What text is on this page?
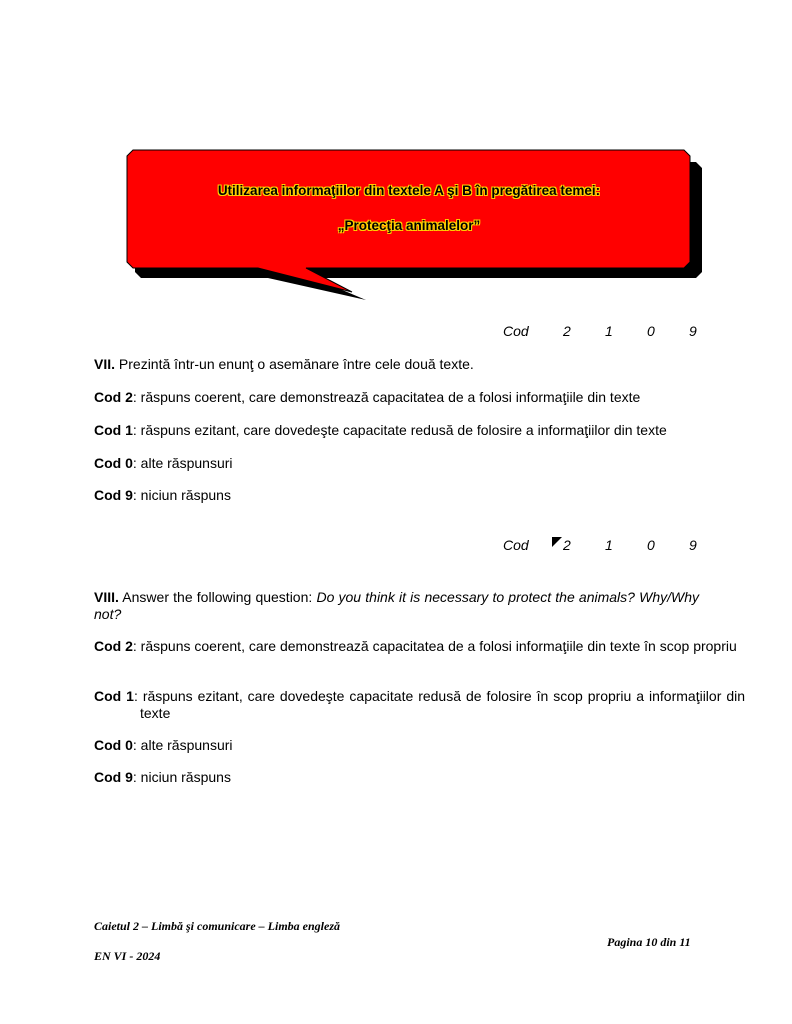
Utilizarea informaţiilor din textele A şi B în pregătirea temei:
„Protecţia animalelor”
Cod 2 1 0 9
VII. Prezintă într-un enunţ o asemănare între cele două texte.
Cod 2: răspuns coerent, care demonstrează capacitatea de a folosi informaţiile din texte
Cod 1: răspuns ezitant, care dovedeşte capacitate redusă de folosire a informaţiilor din texte
Cod 0: alte răspunsuri
Cod 9: niciun răspuns
Cod 2 1 0 9
VIII. Answer the following question: Do you think it is necessary to protect the animals? Why/Why not?
Cod 2: răspuns coerent, care demonstrează capacitatea de a folosi informaţiile din texte în scop propriu
Cod 1: răspuns ezitant, care dovedeşte capacitate redusă de folosire în scop propriu a informaţiilor din texte
Cod 0: alte răspunsuri
Cod 9: niciun răspuns
Caietul 2 – Limbă şi comunicare – Limba engleză
EN VI - 2024
Pagina 10 din 11
